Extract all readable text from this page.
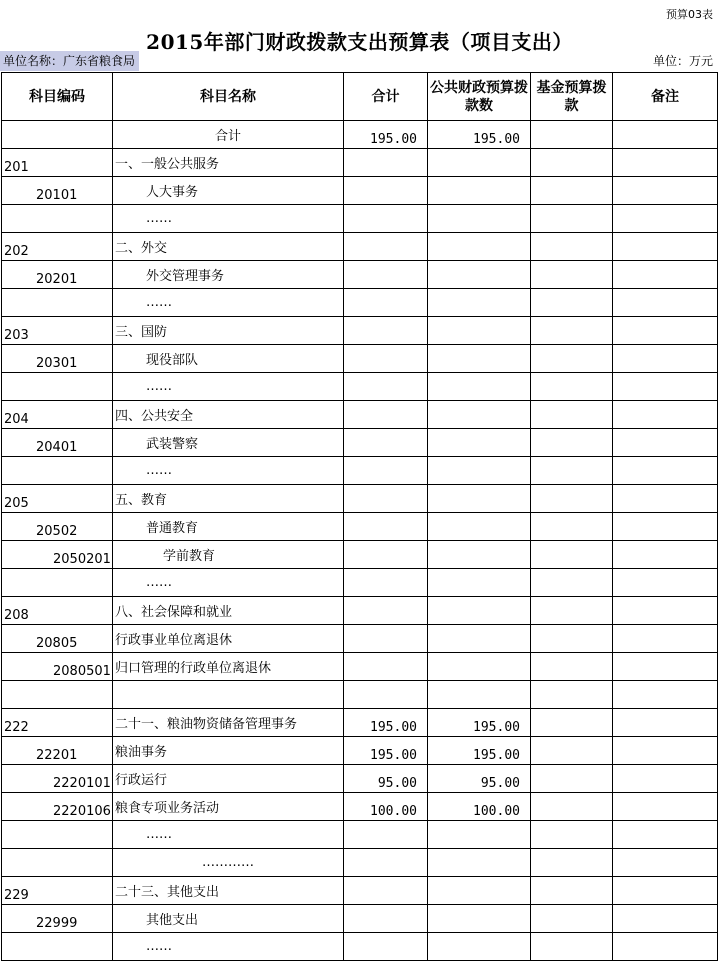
预算03表
2015年部门财政拨款支出预算表（项目支出）
单位名称：广东省粮食局	单位：万元
科目编码	科目名称	合计	公共财政预算拨款数	基金预算拨款	备注
	合计	195.00	195.00		
201	一、一般公共服务				
20101	人大事务				
	……				
202	二、外交				
20201	外交管理事务				
	……				
203	三、国防				
20301	现役部队				
	……				
204	四、公共安全				
20401	武装警察				
	……				
205	五、教育				
20502	普通教育				
2050201	学前教育				
	……				
208	八、社会保障和就业				
20805	行政事业单位离退休				
2080501	归口管理的行政单位离退休				

222	二十一、粮油物资储备管理事务	195.00	195.00		
22201	粮油事务	195.00	195.00		
2220101	行政运行	95.00	95.00		
2220106	粮食专项业务活动	100.00	100.00		
	……				
	…………				
229	二十三、其他支出				
22999	其他支出				
	……				
